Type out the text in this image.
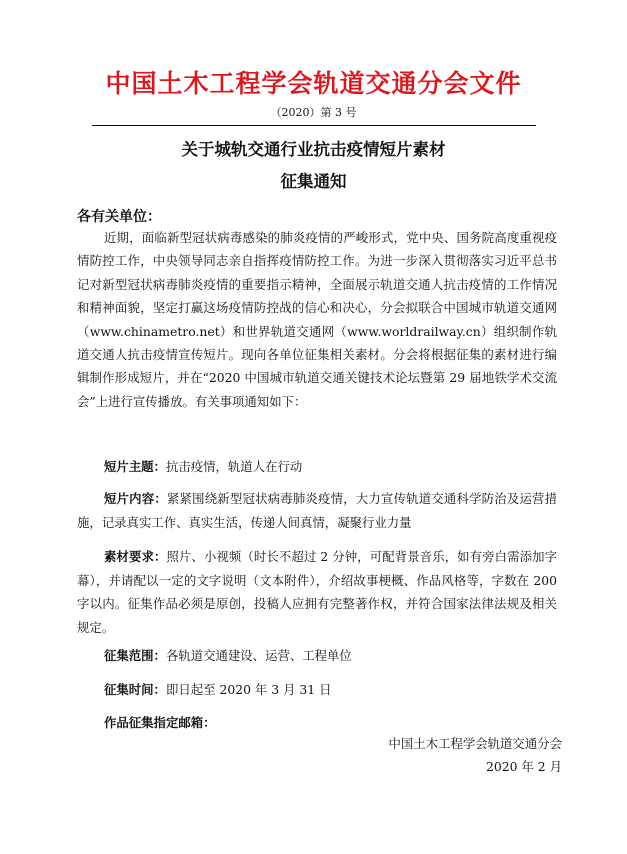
中国土木工程学会轨道交通分会文件
（2020）第 3 号
关于城轨交通行业抗击疫情短片素材
征集通知
各有关单位：
近期，面临新型冠状病毒感染的肺炎疫情的严峻形式，党中央、国务院高度重视疫情防控工作，中央领导同志亲自指挥疫情防控工作。为进一步深入贯彻落实习近平总书记对新型冠状病毒肺炎疫情的重要指示精神，全面展示轨道交通人抗击疫情的工作情况和精神面貌，坚定打赢这场疫情防控战的信心和决心，分会拟联合中国城市轨道交通网（www.chinametro.net）和世界轨道交通网（www.worldrailway.cn）组织制作轨道交通人抗击疫情宣传短片。现向各单位征集相关素材。分会将根据征集的素材进行编辑制作形成短片，并在“2020 中国城市轨道交通关键技术论坛暨第 29 届地铁学术交流会”上进行宣传播放。有关事项通知如下：
短片主题：抗击疫情，轨道人在行动
短片内容：紧紧围绕新型冠状病毒肺炎疫情，大力宣传轨道交通科学防治及运营措施，记录真实工作、真实生活，传递人间真情，凝聚行业力量
素材要求：照片、小视频（时长不超过 2 分钟，可配背景音乐，如有旁白需添加字幕），并请配以一定的文字说明（文本附件），介绍故事梗概、作品风格等，字数在 200 字以内。征集作品必须是原创，投稿人应拥有完整著作权，并符合国家法律法规及相关规定。
征集范围：各轨道交通建设、运营、工程单位
征集时间：即日起至 2020 年 3 月 31 日
作品征集指定邮箱：
中国土木工程学会轨道交通分会
2020 年 2 月
